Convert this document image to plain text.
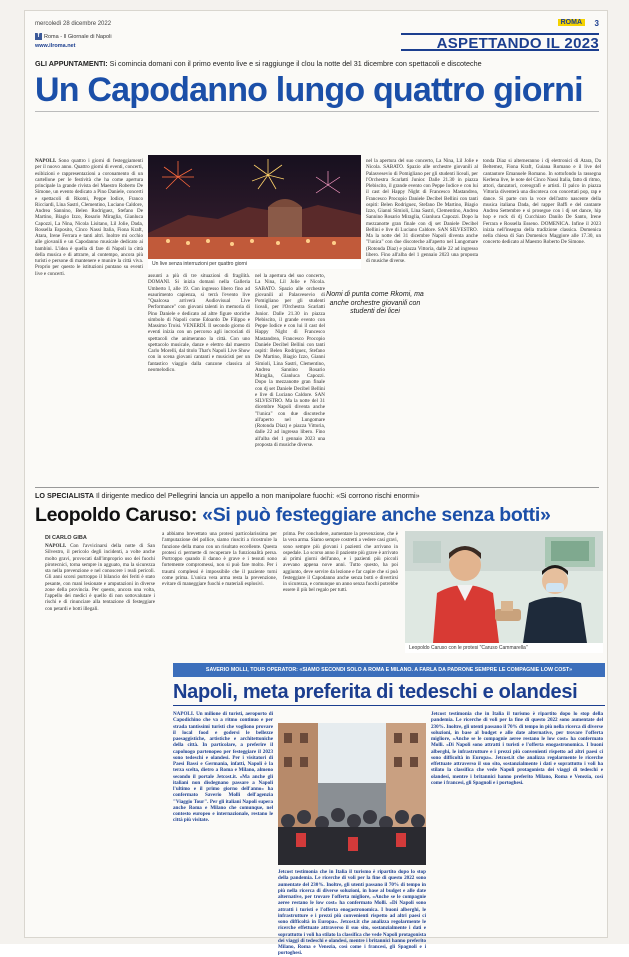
mercoledì 28 dicembre 2022	ROMA	3
f Roma - Il Giornale di Napoli
www.ilroma.net	ASPETTANDO IL 2023
GLI APPUNTAMENTI: Si comincia domani con il primo evento live e si raggiunge il clou la notte del 31 dicembre con spettacoli e discoteche
Un Capodanno lungo quattro giorni

NAPOLI. Sono quattro i giorni di festeggiamenti per il nuovo anno. Quattro giorni di eventi, concerti, esibizioni e rappresentazioni a coronamento di un cartellone per le festività che ha come apertura principale la grande rivista del Maestro Roberto De Simone, un evento dedicato a Pino Daniele, concerti e spettacoli di Rkomi, Peppe Iodice, Franco Ricciardi, Lina Sastri, Clementino, Luciano Caldore, Andrea Sannino, Belen Rodriguez, Stefano De Martino, Biagio Izzo, Rosario Miraglia, Gianluca Capozzi, La Nina, Nicola Lisitano, Lil Jolie, Dada, Rossella Esposito, Cinco Nassi Italia, Fiona Kraft, Atara, Irene Ferrara e tanti altri. Inoltre mi occhio alle giovanili e un Capodanno musicale dedicato ai bambini. L'idea è quella di fare di Napoli la città della musica e di attrarre, al contempo, ancora più turisti e persone di mantenere e munire la città viva. Proprio per questo le istituzioni puntano su eventi live e concerti.

Un live senza interruzioni per quattro giorni

assunti a più di tre situazioni di fragilità. DOMANI. Si inizia domani nella Galleria Umberto I, alle 19. Con ingresso libero fino ad esaurimento capienza, si terrà l'evento live "Qualcosa arriverà Audiovisual Live Performance" con giovani talenti in memoria di Pino Daniele e dedicato ad altre figure storiche simbolo di Napoli come Edoardo De Filippo e Massimo Troisi. VENERDÌ. Il secondo giorno di eventi inizia con un percorso agli incrociati di spettacoli che animeranno la città. Con uno spettacolo musicale, danze e elettro dal maestro Carlo Morelli, dal titolo That's Napoli Live Show con in scena giovani cantanti e musicisti per un fantastico viaggio dalla canzone classica al neomelodico.

nel la apertura del suo concerto, La Nina, Lil Jolie e Nicola. SABATO. Spazio alle orchestre giovanili al Palasvesevio di Pomigliano per gli studenti liceali, per l'Orchestra Scarlatti Junior. Dalle 21.30 in piazza Plebiscito, il grande evento con Peppe Iodice e con lui il cast del Happy Night di Francesco Mastandrea, Francesco Procopio Daniele Decibel Bellini con tanti ospiti: Belen Rodriguez, Stefano De Martino, Biagio Izzo, Gianni Simioli, Lina Sastri, Clementino, Andrea Sannino Rosario Miraglia, Gianluca Capozzi. Dopo la mezzanotte gran finale con dj set Daniele Decibel Bellini e live di Luciano Caldore. SAN SILVESTRO. Ma la notte del 31 dicembre Napoli diventa anche "l'unica" con due discoteche all'aperto nel Lungomare (Rotonda Diaz) e piazza Vittoria, dalle 22 ad ingresso libero. Fino all'alba del 1 gennaio 2023 una proposta di musiche diverse.

Nomi di punta come Rkomi, ma anche orchestre giovanili con studenti dei licei

nel la apertura del suo concerto, La Nina, Lil Jolie e Nicola. SABATO. Spazio alle orchestre giovanili al Palasvesevio di Pomigliano per gli studenti liceali, per l'Orchestra Scarlatti Junior. Dalle 21.30 in piazza Plebiscito, il grande evento con Peppe Iodice e con lui il cast del Happy Night di Francesco Mastandrea, Francesco Procopio Daniele Decibel Bellini con tanti ospiti: Belen Rodriguez, Stefano De Martino, Biagio Izzo, Gianni Simioli, Lina Sastri, Clementino, Andrea Sannino Rosario Miraglia, Gianluca Capozzi. Dopo la mezzanotte gran finale con dj set Daniele Decibel Bellini e live di Luciano Caldore. SAN SILVESTRO. Ma la notte del 31 dicembre Napoli diventa anche "l'unica" con due discoteche all'aperto nel Lungomare (Rotonda Diaz) e piazza Vittoria, dalle 22 ad ingresso libero. Fino all'alba del 1 gennaio 2023 una proposta di musiche diverse.

tonda Diaz si alterneranno i dj elettronici di Atara, Da Beltemez, Fiona Kraft, Guiana Romano e il live del cantautore Emanuele Romano. In sottofondo la rassegna Kerlena live, le note del Cinco Nassi Italia, fatto di ritmo, attori, danzatori, coreografi e artisti. Il palco in piazza Vittoria diventerà una discoteca con concertati pop, rap e dance. Si parte con la voce dell'astro nascente della musica italiana Dada, del rapper Baffi e del cantante Andrea Settembre e si prosegue con i dj set dance, hip hop e rock di dj Cucchiaro Danilo De Santo, Irene Ferrara e Rossella Esseno. DOMENICA. Infine il 2023 inizia nell'insegna della tradizione classica. Domenica nella chiesa di San Domenico Maggiore alle 17.30, un concerto dedicato al Maestro Roberto De Simone.

LO SPECIALISTA Il dirigente medico del Pellegrini lancia un appello a non manipolare fuochi: «Si corrono rischi enormi»
Leopoldo Caruso: «Si può festeggiare anche senza botti»
DI CARLO GIBA

NAPOLI. Con l'avvicinarsi della notte di San Silvestro, il pericolo degli incidenti, a volte anche molto gravi, provocati dall'improprio uso dei fuochi pirotecnici, torna sempre in agguato, ma la sicurezza sta nella prevenzione e nel conoscere i reali pericoli. Gli anni scorsi purtroppo il bilancio dei feriti è stato pesante, con mani lesionate e amputazioni in diverse zone della provincia. Per questo, ancora una volta, l'appello dei medici è quello di non sottovalutare i rischi e di rinunciare alla tentazione di festeggiare con petardi e botti illegali.

a abbiamo brevettato una protesi particolarissima per l'amputazione del pollice, siamo riusciti a ricostruire la funzione della mano con un risultato eccellente. Questa protesi ci permette di recuperare la funzionalità persa. Purtroppo quando il danno è grave e i tessuti sono fortemente compromessi, non si può fare molto. Per i traumi complessi è impossibile che il paziente torni come prima. L'unica vera arma resta la prevenzione, evitare di maneggiare fuochi e materiali esplosivi.

prima. Per concludere, aumentare la prevenzione, che è la vera arma. Siamo sempre costretti a vedere casi gravi, sono sempre più giovani i pazienti che arrivano in ospedale. Lo scorso anno il paziente più grave è arrivato ai primi giorni dell'anno, e i pazienti più piccoli avevano appena nove anni. Tutto questo, ha poi aggiunto, deve servire da lezione e far capire che si può festeggiare il Capodanno anche senza botti e divertirsi in sicurezza, e comunque un anno senza fuochi potrebbe essere il più bel regalo per tutti.

Leopoldo Caruso con le protesi "Caruso Cammarella"
SAVERIO MOLLI, TOUR OPERATOR: «SIAMO SECONDI SOLO A ROMA E MILANO. A FARLA DA PADRONE SEMPRE LE COMPAGNIE LOW COST»
Napoli, meta preferita di tedeschi e olandesi

NAPOLI. Un milione di turisti, aeroporto di Capodichino che va a ritmo continuo e per strada tantissimi turisti che vogliono provare il local food e godersi le bellezze paesaggistiche, artistiche e architettoniche della città. In particolare, a preferire il capoluogo partenopeo per festeggiare il 2023 sono tedeschi e olandesi. Per i visitatori di Paesi Bassi e Germania, infatti, Napoli è la terza scelta, dietro a Roma e Milano, almeno secondo il portale Jetcost.it. «Ma anche gli italiani non disdegnano passare a Napoli l'ultimo e il primo giorno dell'anno» ha confermato Saverio Molli dell'agenzia "Viaggio Tour". Per gli italiani Napoli supera anche Roma e Milano che comunque, nel contesto europeo e internazionale, restano le città più visitate.

Jetcost testimonia che in Italia il turismo è ripartito dopo lo stop della pandemia. Le ricerche di voli per la fine di questo 2022 sono aumentate del 230%. Inoltre, gli utenti passano il 70% di tempo in più nella ricerca di diverse soluzioni, in base al budget e alle date alternative, per trovare l'offerta migliore, «Anche se le compagnie aeree restano le low cost» ha confermato Molli. «Di Napoli sono attratti i turisti e l'offerta enogastronomica. I buoni alberghi, le infrastrutture e i prezzi più convenienti rispetto ad altri paesi ci sono difficoltà in Europa». Jetcost.it che analizza regolarmente le ricerche effettuate attraverso il suo sito, sostanzialmente i dati e soprattutto i voli ha stilato la classifica che vede Napoli protagonista dei viaggi di tedeschi e olandesi, mentre i britannici hanno preferito Milano, Roma e Venezia, così come i francesi, gli Spagnoli e i portoghesi.

Jetcost testimonia che in Italia il turismo è ripartito dopo lo stop della pandemia. Le ricerche di voli per la fine di questo 2022 sono aumentate del 230%. Inoltre, gli utenti passano il 70% di tempo in più nella ricerca di diverse soluzioni, in base al budget e alle date alternative, per trovare l'offerta migliore, «Anche se le compagnie aeree restano le low cost» ha confermato Molli. «Di Napoli sono attratti i turisti e l'offerta enogastronomica. I buoni alberghi, le infrastrutture e i prezzi più convenienti rispetto ad altri paesi ci sono difficoltà in Europa». Jetcost.it che analizza regolarmente le ricerche effettuate attraverso il suo sito, sostanzialmente i dati e soprattutto i voli ha stilato la classifica che vede Napoli protagonista dei viaggi di tedeschi e olandesi, mentre i britannici hanno preferito Milano, Roma e Venezia, così come i francesi, gli Spagnoli e i portoghesi.
